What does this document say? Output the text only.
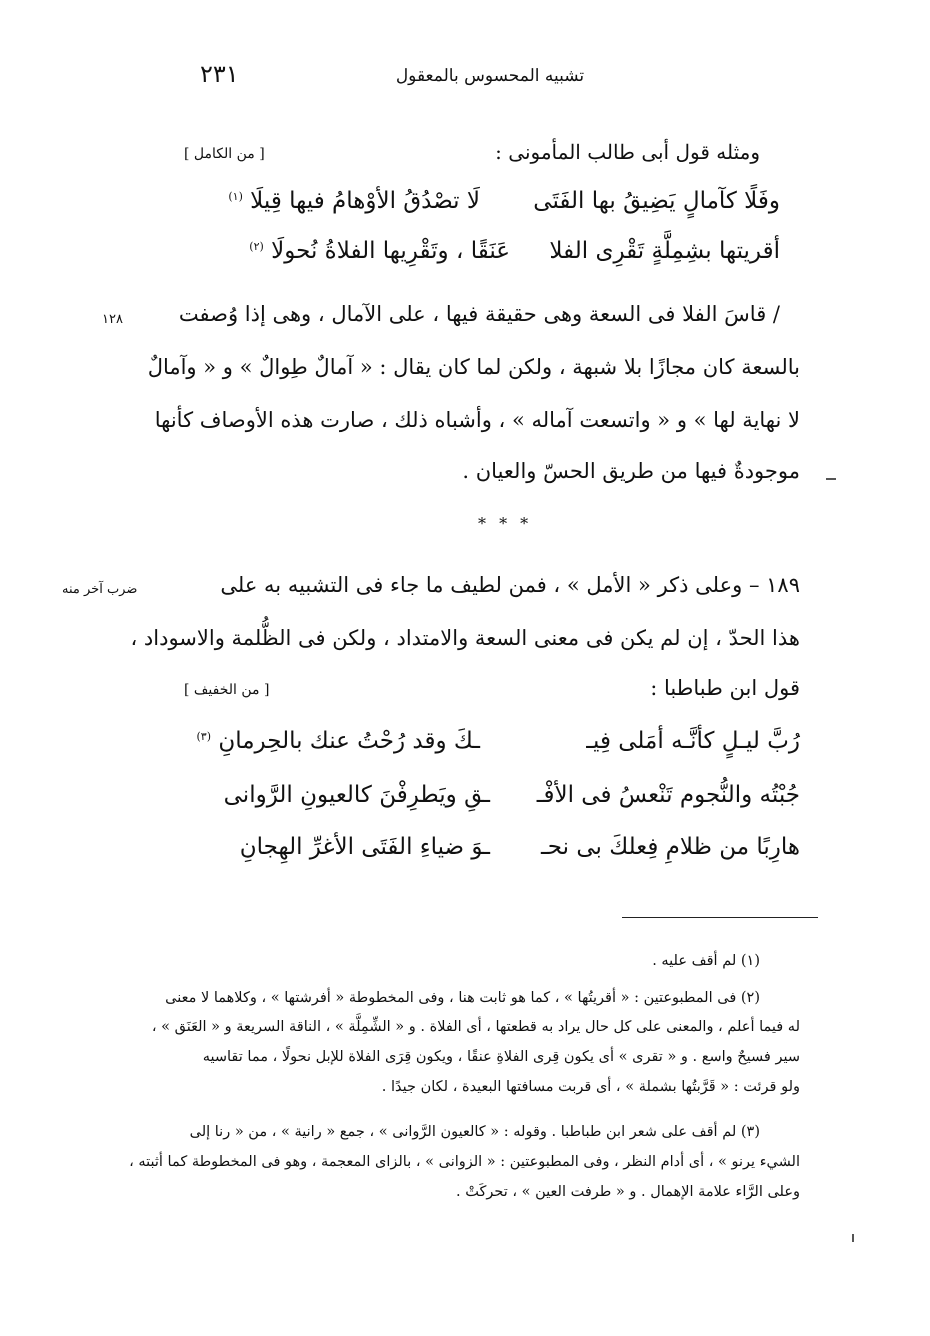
تشبيه المحسوس بالمعقول
٢٣١
ومثله قول أبى طالب المأمونى :
[ من الكامل ]
وفَلًا كآمالٍ يَضِيقُ بها الفَتَى
لَا تصْدُقُ الأوْهامُ فيها قِيلَا $^{(١)}$
أقريتها بشِمِلَّةٍ تَقْرِى الفلا
عَنَقًا ، وتَقْرِيها الفلاةُ نُحولَا $^{(٢)}$
١٢٨	/ قاسَ الفلا فى السعة وهى حقيقة فيها ، على الآمال ، وهى إذا وُصفت
بالسعة كان مجازًا بلا شبهة ، ولكن لما كان يقال : « آمالٌ طِوالٌ » و « وآمالٌ
لا نهاية لها » و « واتسعت آماله » ، وأشباه ذلك ، صارت هذه الأوصاف كأنها
موجودةٌ فيها من طريق الحسّ والعيان .
* * *
ضرب آخر منه	١٨٩ – وعلى ذكر « الأمل » ، فمن لطيف ما جاء فى التشبيه به على
هذا الحدّ ، إن لم يكن فى معنى السعة والامتداد ، ولكن فى الظُّلمة والاسوداد ،
قول ابن طباطبا :
[ من الخفيف ]
رُبَّ ليـلٍ كأنَّـه أمَلى فِيـ
ـكَ وقد رُحْتُ عنك بالحِرمانِ $^{(٣)}$
جُبْتُه والنُّجوم تَنْعسُ فى الأفْـ
ـقِ ويَطرِفْنَ كالعيونِ الرَّوانى
هارِبًا من ظلامِ فِعلكَ بى نحـ
ـوَ ضياءِ الفَتَى الأغرِّ الهِجانِ
(١) لم أقف عليه .
(٢) فى المطبوعتين : « أقريتُها » ، كما هو ثابت هنا ، وفى المخطوطة « أفرشتها » ، وكلاهما لا معنى
له فيما أعلم ، والمعنى على كل حال يراد به قطعتها ، أى الفلاة . و « الشِّمِلَّة » ، الناقة السريعة و « العَنَق » ،
سير فسيحٌ واسع . و « تقرى » أى يكون قِرى الفلاةِ عنقًا ، ويكون قِرَى الفلاة للإبل نحولًا ، مما تقاسيه
ولو قرئت : « قَرَّبتُها بشملة » ، أى قربت مسافتها البعيدة ، لكان جيدًا .
(٣) لم أقف على شعر ابن طباطبا . وقوله : « كالعيون الرَّوانى » ، جمع « رانية » ، من « رنا إلى
الشيء يرنو » ، أى أدام النظر ، وفى المطبوعتين : « الزوانى » ، بالزاى المعجمة ، وهو فى المخطوطة كما أثبته ،
وعلى الرَّاء علامة الإهمال . و « طرفت العين » ، تحركَتْ .
